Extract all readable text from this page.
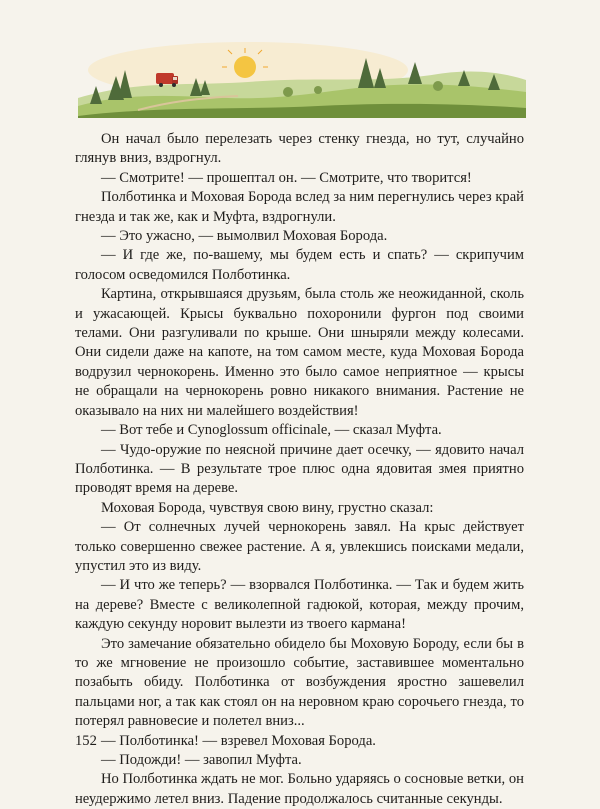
Он начал было перелезать через стенку гнезда, но тут, случайно глянув вниз, вздрогнул.

— Смотрите! — прошептал он. — Смотрите, что творится!

Полботинка и Моховая Борода вслед за ним перегнулись через край гнезда и так же, как и Муфта, вздрогнули.

— Это ужасно, — вымолвил Моховая Борода.

— И где же, по-вашему, мы будем есть и спать? — скрипучим голосом осведомился Полботинка.

Картина, открывшаяся друзьям, была столь же неожиданной, сколь и ужасающей. Крысы буквально похоронили фургон под своими телами. Они разгуливали по крыше. Они шныряли между колесами. Они сидели даже на капоте, на том самом месте, куда Моховая Борода водрузил чернокорень. Именно это было самое неприятное — крысы не обращали на чернокорень ровно никакого внимания. Растение не оказывало на них ни малейшего воздействия!

— Вот тебе и Cynoglossum officinale, — сказал Муфта.

— Чудо-оружие по неясной причине дает осечку, — ядовито начал Полботинка. — В результате трое плюс одна ядовитая змея приятно проводят время на дереве.

Моховая Борода, чувствуя свою вину, грустно сказал:

— От солнечных лучей чернокорень завял. На крыс действует только совершенно свежее растение. А я, увлекшись поисками медали, упустил это из виду.

— И что же теперь? — взорвался Полботинка. — Так и будем жить на дереве? Вместе с великолепной гадюкой, которая, между прочим, каждую секунду норовит вылезти из твоего кармана!

Это замечание обязательно обидело бы Моховую Бороду, если бы в то же мгновение не произошло событие, заставившее моментально позабыть обиду. Полботинка от возбуждения яростно зашевелил пальцами ног, а так как стоял он на неровном краю сорочьего гнезда, то потерял равновесие и полетел вниз...

— Полботинка! — взревел Моховая Борода.

— Подожди! — завопил Муфта.

Но Полботинка ждать не мог. Больно ударяясь о сосновые ветки, он неудержимо летел вниз. Падение продолжалось считанные секунды.

152
